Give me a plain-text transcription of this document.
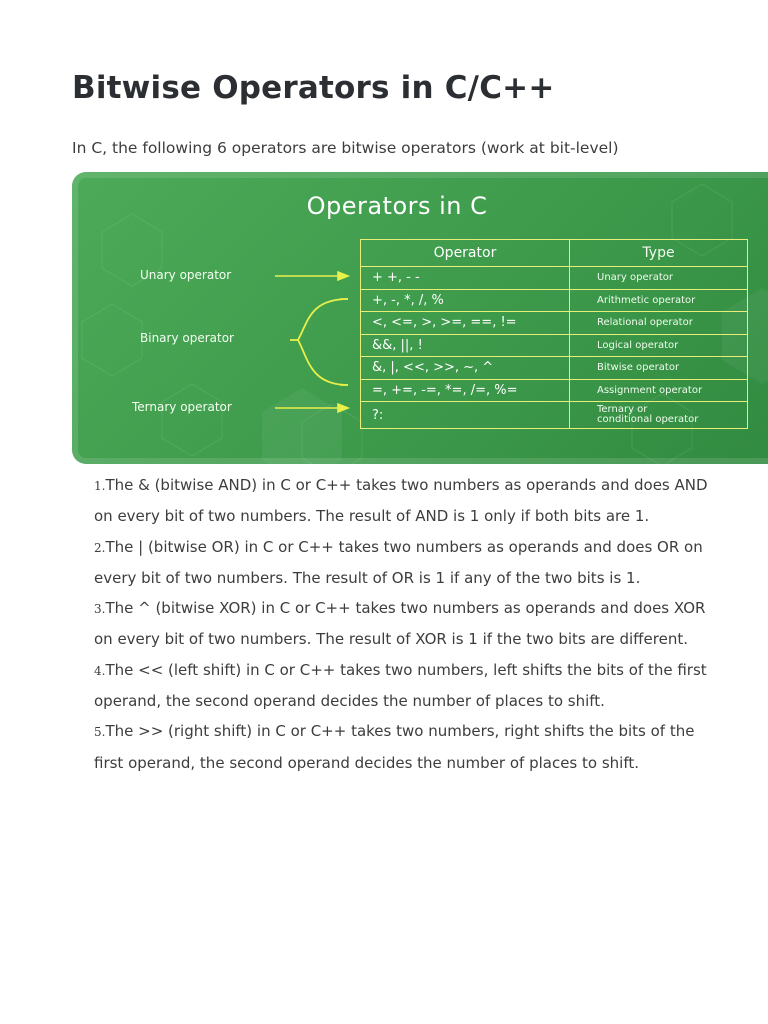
Bitwise Operators in C/C++

In C, the following 6 operators are bitwise operators (work at bit-level)

Operators in C
Unary operator
Binary operator
Ternary operator
Operator	Type
+ +, - -	Unary operator
+, -, *, /, %	Arithmetic operator
<, <=, >, >=, ==, !=	Relational operator
&&, ||, !	Logical operator
&, |, <<, >>, ~, ^	Bitwise operator
=, +=, -=, *=, /=, %=	Assignment operator
?:	Ternary or
conditional operator

1.The & (bitwise AND) in C or C++ takes two numbers as operands and does AND on every bit of two numbers. The result of AND is 1 only if both bits are 1.

2.The | (bitwise OR) in C or C++ takes two numbers as operands and does OR on every bit of two numbers. The result of OR is 1 if any of the two bits is 1.

3.The ^ (bitwise XOR) in C or C++ takes two numbers as operands and does XOR on every bit of two numbers. The result of XOR is 1 if the two bits are different.

4.The << (left shift) in C or C++ takes two numbers, left shifts the bits of the first operand, the second operand decides the number of places to shift.

5.The >> (right shift) in C or C++ takes two numbers, right shifts the bits of the first operand, the second operand decides the number of places to shift.
